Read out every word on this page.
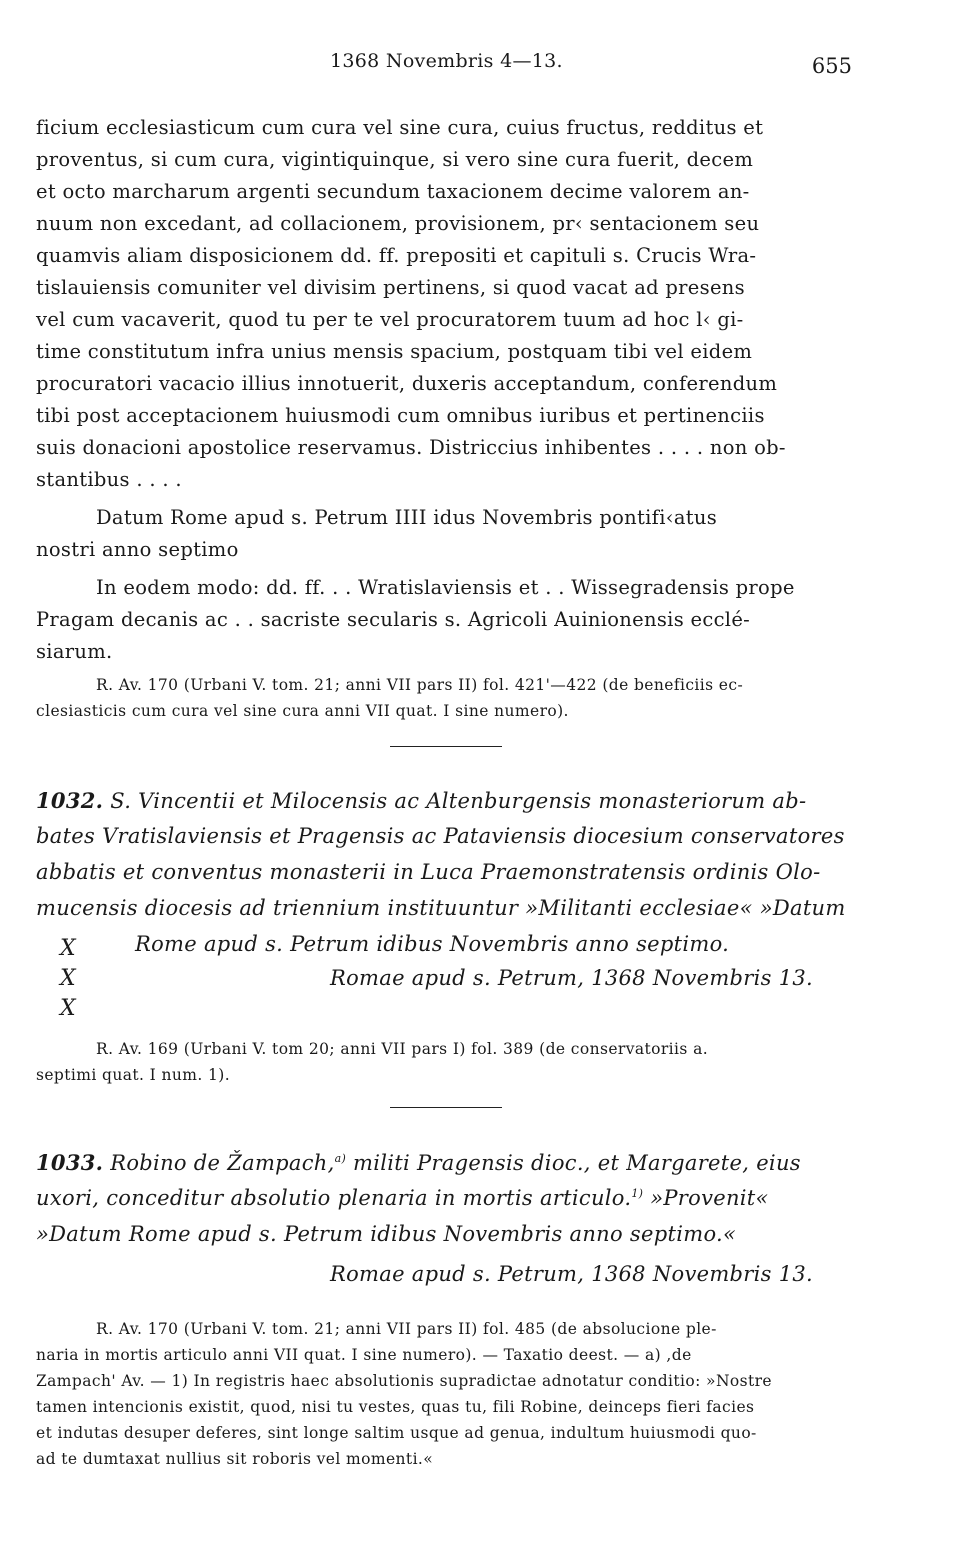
1368 Novembris 4—13.	655
ficium ecclesiasticum cum cura vel sine cura, cuius fructus, redditus et
proventus, si cum cura, vigintiquinque, si vero sine cura fuerit, decem
et octo marcharum argenti secundum taxacionem decime valorem an-
nuum non excedant, ad collacionem, provisionem, pr‹ sentacionem seu
quamvis aliam disposicionem dd. ff. prepositi et capituli s. Crucis Wra-
tislauiensis comuniter vel divisim pertinens, si quod vacat ad presens
vel cum vacaverit, quod tu per te vel procuratorem tuum ad hoc l‹ gi-
time constitutum infra unius mensis spacium, postquam tibi vel eidem
procuratori vacacio illius innotuerit, duxeris acceptandum, conferendum
tibi post acceptacionem huiusmodi cum omnibus iuribus et pertinenciis
suis donacioni apostolice reservamus. Districcius inhibentes . . . . non ob-
stantibus . . . .
Datum Rome apud s. Petrum IIII idus Novembris pontifi‹atus
nostri anno septimo
In eodem modo: dd. ff. . . Wratislaviensis et . . Wissegradensis prope
Pragam decanis ac . . sacriste secularis s. Agricoli Auinionensis ecclé-
siarum.
R. Av. 170 (Urbani V. tom. 21; anni VII pars II) fol. 421'—422 (de beneficiis ec-
clesiasticis cum cura vel sine cura anni VII quat. I sine numero).
1032. S. Vincentii et Milocensis ac Altenburgensis monasteriorum ab-
bates Vratislaviensis et Pragensis ac Pataviensis diocesium conservatores
abbatis et conventus monasterii in Luca Praemonstratensis ordinis Olo-
mucensis diocesis ad triennium instituuntur »Militanti ecclesiae« »Datum
Rome apud s. Petrum idibus Novembris anno septimo.
X
X
X
Romae apud s. Petrum, 1368 Novembris 13.
R. Av. 169 (Urbani V. tom 20; anni VII pars I) fol. 389 (de conservatoriis a.
septimi quat. I num. 1).
1033. Robino de Žampach,$^{a)}$ militi Pragensis dioc., et Margarete, eius
uxori, conceditur absolutio plenaria in mortis articulo.$^{1)}$ »Provenit«
»Datum Rome apud s. Petrum idibus Novembris anno septimo.«
Romae apud s. Petrum, 1368 Novembris 13.
R. Av. 170 (Urbani V. tom. 21; anni VII pars II) fol. 485 (de absolucione ple-
naria in mortis articulo anni VII quat. I sine numero). — Taxatio deest. — a) ,de
Zampach' Av. — 1) In registris haec absolutionis supradictae adnotatur conditio: »Nostre
tamen intencionis existit, quod, nisi tu vestes, quas tu, fili Robine, deinceps fieri facies
et indutas desuper deferes, sint longe saltim usque ad genua, indultum huiusmodi quo-
ad te dumtaxat nullius sit roboris vel momenti.«
